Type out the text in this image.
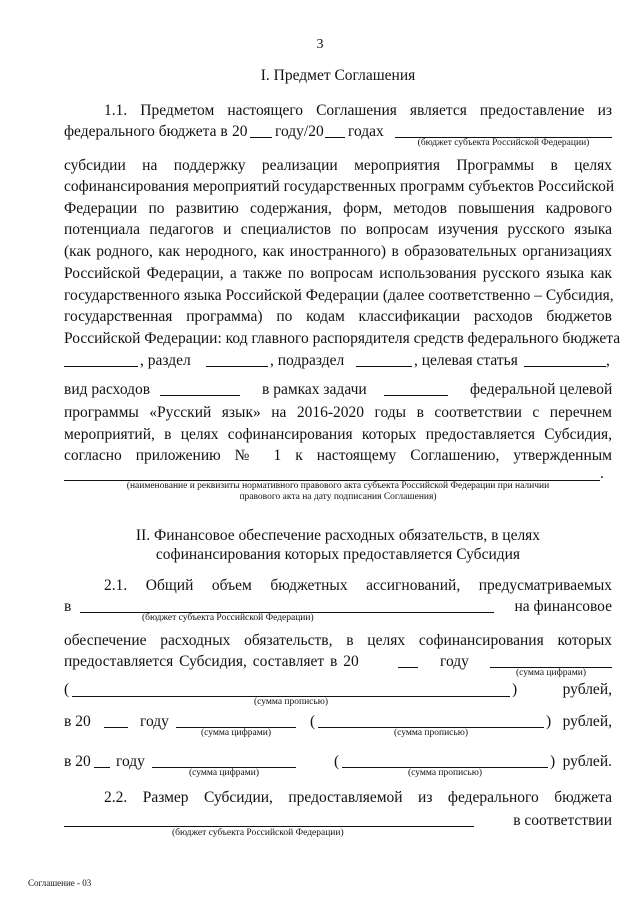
3
I. Предмет Соглашения
1.1. Предметом настоящего Соглашения является предоставление из
федерального бюджета в 20 году/20 годах
(бюджет субъекта Российской Федерации)
субсидии на поддержку реализации мероприятия Программы в целях
софинансирования мероприятий государственных программ субъектов Российской
Федерации по развитию содержания, форм, методов повышения кадрового
потенциала педагогов и специалистов по вопросам изучения русского языка
(как родного, как неродного, как иностранного) в образовательных организациях
Российской Федерации, а также по вопросам использования русского языка как
государственного языка Российской Федерации (далее соответственно – Субсидия,
государственная программа) по кодам классификации расходов бюджетов
Российской Федерации: код главного распорядителя средств федерального бюджета
, раздел	, подраздел	, целевая статья	,
вид расходов	в рамках задачи	федеральной целевой
программы «Русский язык» на 2016-2020 годы в соответствии с перечнем
мероприятий, в целях софинансирования которых предоставляется Субсидия,
согласно приложению № 1 к настоящему Соглашению, утвержденным
.
(наименование и реквизиты нормативного правового акта субъекта Российской Федерации при наличии
правового акта на дату подписания Соглашения)
II. Финансовое обеспечение расходных обязательств, в целях
софинансирования которых предоставляется Субсидия
2.1. Общий объем бюджетных ассигнований, предусматриваемых
в	на финансовое
(бюджет субъекта Российской Федерации)
обеспечение расходных обязательств, в целях софинансирования которых
предоставляется Субсидия, составляет в 20	году
(сумма цифрами)
(	)	рублей,
(сумма прописью)
в 20	году
(сумма цифрами)
(
(сумма прописью)
) рублей,
в 20 году
(сумма цифрами)
(
(сумма прописью)
) рублей.
2.2. Размер Субсидии, предоставляемой из федерального бюджета
в соответствии
(бюджет субъекта Российской Федерации)
Соглашение - 03
